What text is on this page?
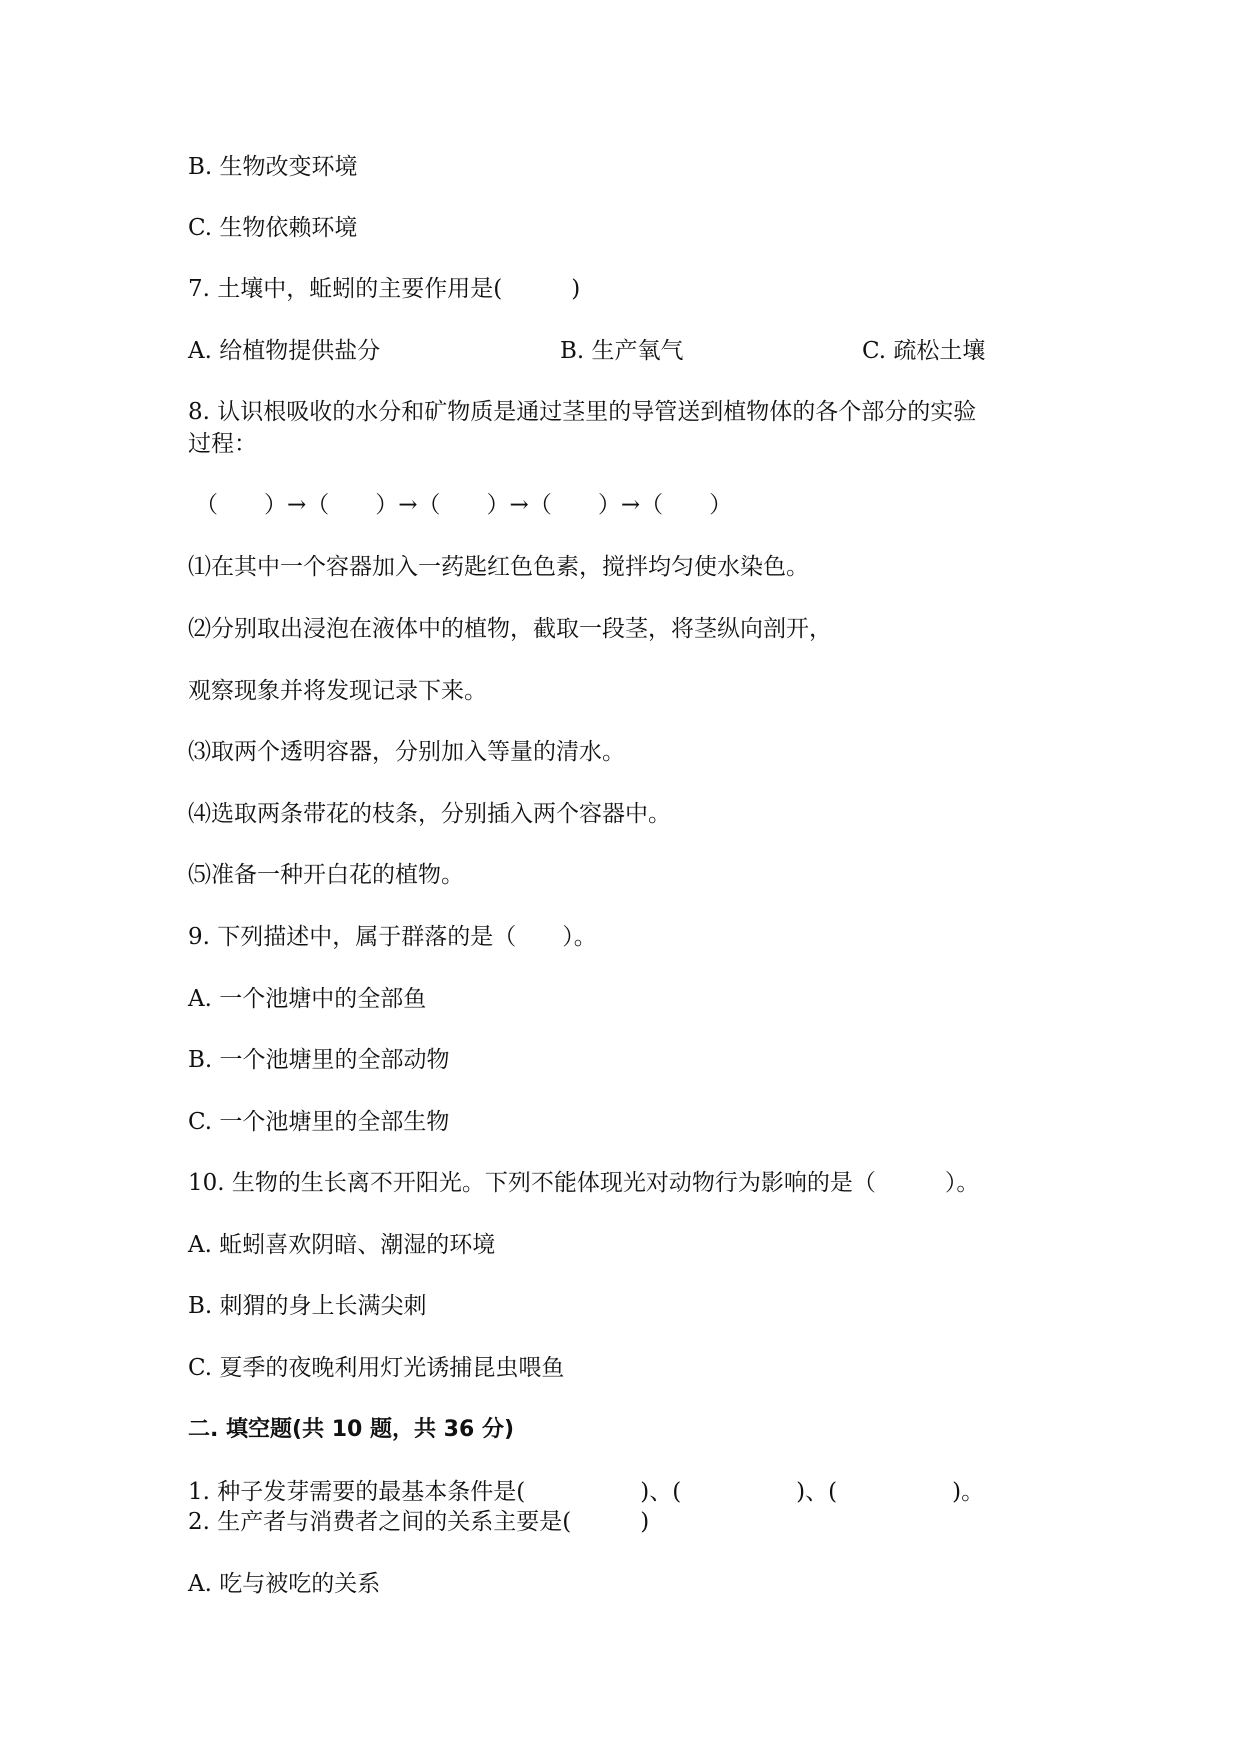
B. 生物改变环境
C. 生物依赖环境
7. 土壤中，蚯蚓的主要作用是(　　　)
A. 给植物提供盐分	B. 生产氧气	C. 疏松土壤
8. 认识根吸收的水分和矿物质是通过茎里的导管送到植物体的各个部分的实验
过程：
（　　）→（　　）→（　　）→（　　）→（　　）
⑴在其中一个容器加入一药匙红色色素，搅拌均匀使水染色。
⑵分别取出浸泡在液体中的植物，截取一段茎，将茎纵向剖开，
观察现象并将发现记录下来。
⑶取两个透明容器，分别加入等量的清水。
⑷选取两条带花的枝条，分别插入两个容器中。
⑸准备一种开白花的植物。
9. 下列描述中，属于群落的是（　　）。
A. 一个池塘中的全部鱼
B. 一个池塘里的全部动物
C. 一个池塘里的全部生物
10. 生物的生长离不开阳光。下列不能体现光对动物行为影响的是（　　　）。
A. 蚯蚓喜欢阴暗、潮湿的环境
B. 刺猬的身上长满尖刺
C. 夏季的夜晚利用灯光诱捕昆虫喂鱼
二. 填空题(共 10 题，共 36 分)
1. 种子发芽需要的最基本条件是(　　　　　)、(　　　　　)、(　　　　　)。
2. 生产者与消费者之间的关系主要是(　　　)
A. 吃与被吃的关系
